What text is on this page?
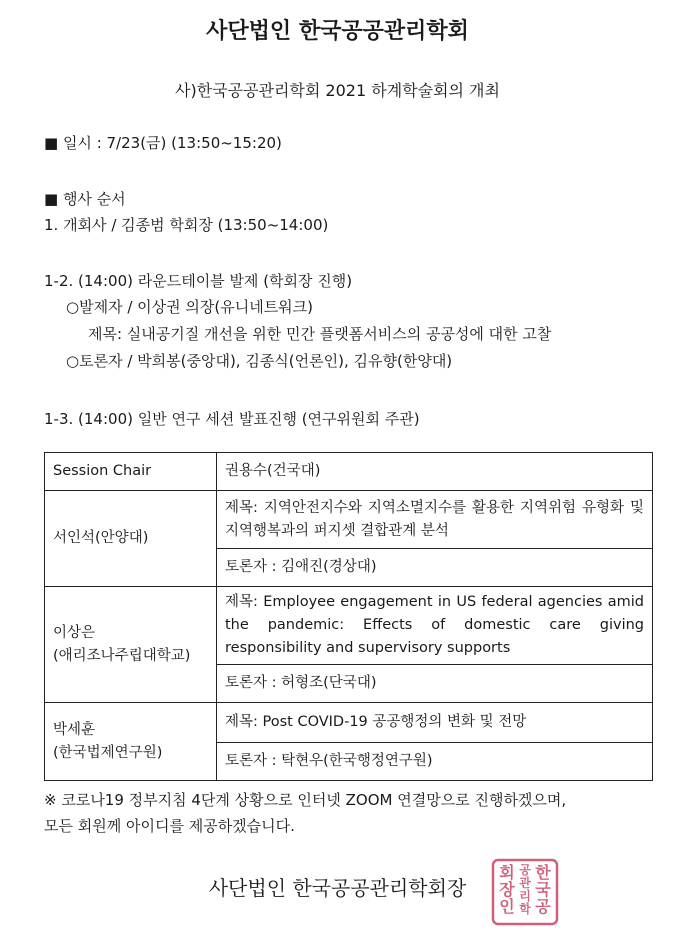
사단법인 한국공공관리학회
사)한국공공관리학회 2021 하계학술회의 개최
■ 일시 : 7/23(금) (13:50~15:20)
■ 행사 순서
1. 개회사 / 김종범 학회장 (13:50~14:00)
1-2. (14:00) 라운드테이블 발제 (학회장 진행)
○발제자 / 이상권 의장(유니네트워크)
제목: 실내공기질 개선을 위한 민간 플랫폼서비스의 공공성에 대한 고찰
○토론자 / 박희봉(중앙대), 김종식(언론인), 김유향(한양대)
1-3. (14:00) 일반 연구 세션 발표진행 (연구위원회 주관)
Session Chair	권용수(건국대)
서인석(안양대)	제목: 지역안전지수와 지역소멸지수를 활용한 지역위험 유형화 및 지역행복과의 퍼지셋 결합관계 분석
	토론자 : 김애진(경상대)

이상은
(애리조나주립대학교)	제목: Employee engagement in US federal agencies amid the pandemic: Effects of domestic care giving responsibility and supervisory supports
	토론자 : 허형조(단국대)

박세훈
(한국법제연구원)	제목: Post COVID-19 공공행정의 변화 및 전망
	토론자 : 탁현우(한국행정연구원)
※ 코로나19 정부지침 4단계 상황으로 인터넷 ZOOM 연결망으로 진행하겠으며,
모든 회원께 아이디를 제공하겠습니다.
사단법인 한국공공관리학회장
한
국
공
공
관
리
학
회
장
인
